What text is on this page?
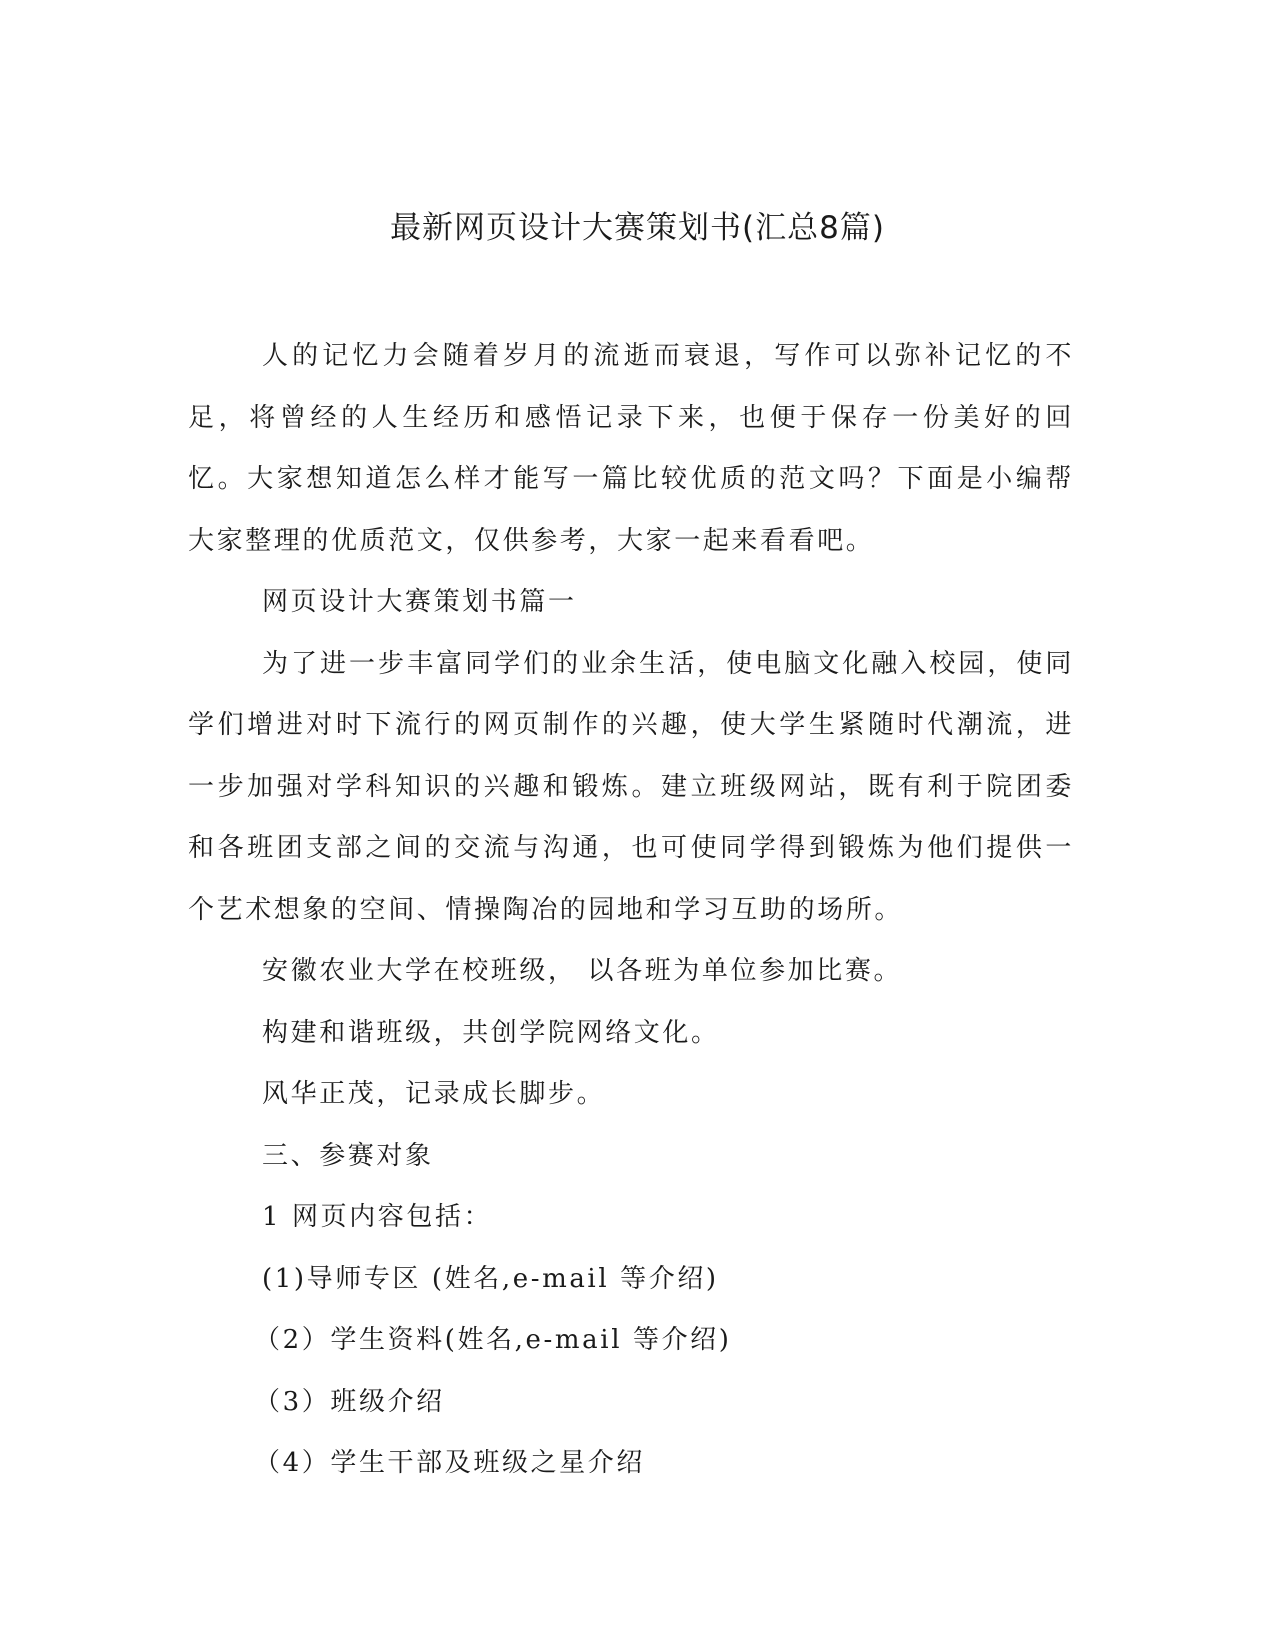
最新网页设计大赛策划书(汇总8篇)

人的记忆力会随着岁月的流逝而衰退，写作可以弥补记忆的不足，将曾经的人生经历和感悟记录下来，也便于保存一份美好的回忆。大家想知道怎么样才能写一篇比较优质的范文吗？下面是小编帮大家整理的优质范文，仅供参考，大家一起来看看吧。

网页设计大赛策划书篇一

为了进一步丰富同学们的业余生活，使电脑文化融入校园，使同学们增进对时下流行的网页制作的兴趣，使大学生紧随时代潮流，进一步加强对学科知识的兴趣和锻炼。建立班级网站，既有利于院团委和各班团支部之间的交流与沟通，也可使同学得到锻炼为他们提供一个艺术想象的空间、情操陶冶的园地和学习互助的场所。

安徽农业大学在校班级， 以各班为单位参加比赛。

构建和谐班级，共创学院网络文化。

风华正茂，记录成长脚步。

三、参赛对象

1 网页内容包括：

(1)导师专区 (姓名,e-mail 等介绍)

（2）学生资料(姓名,e-mail 等介绍)

（3）班级介绍

（4）学生干部及班级之星介绍
